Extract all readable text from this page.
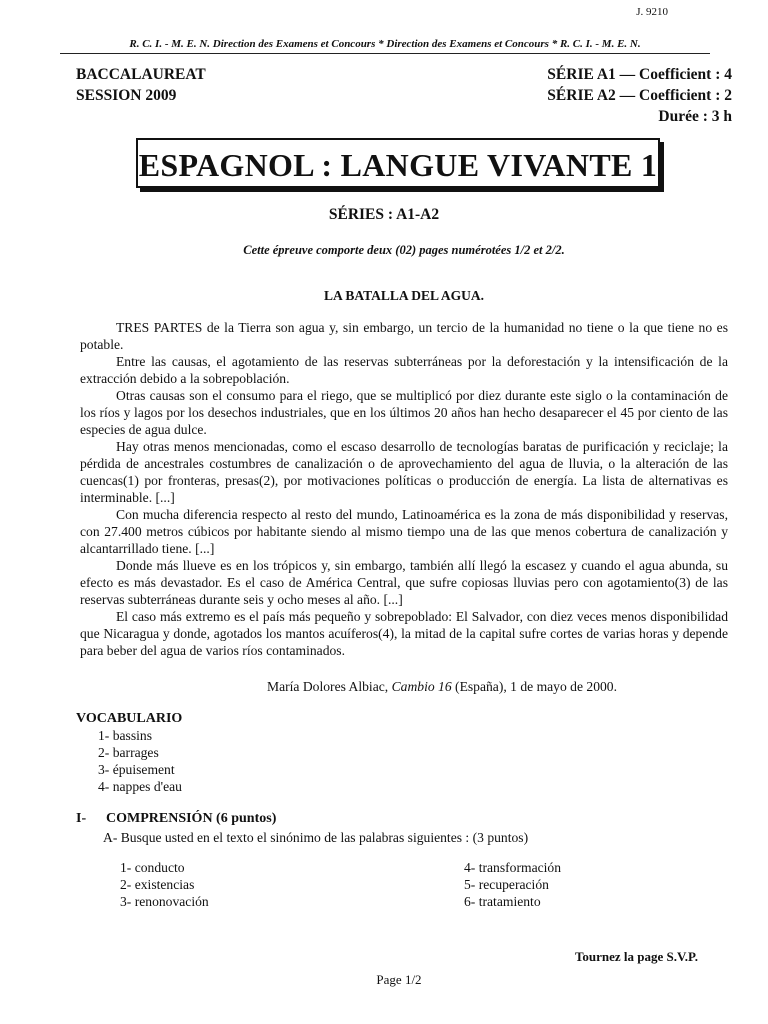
J. 9210
R. C. I. - M. E. N. Direction des Examens et Concours * Direction des Examens et Concours * R. C. I. - M. E. N.
BACCALAUREAT
SESSION 2009
SÉRIE A1 — Coefficient : 4
SÉRIE A2 — Coefficient : 2
Durée : 3 h
ESPAGNOL : LANGUE VIVANTE 1
SÉRIES : A1-A2
Cette épreuve comporte deux (02) pages numérotées 1/2 et 2/2.
LA BATALLA DEL AGUA.

TRES PARTES de la Tierra son agua y, sin embargo, un tercio de la humanidad no tiene o la que tiene no es potable.

Entre las causas, el agotamiento de las reservas subterráneas por la deforestación y la intensificación de la extracción debido a la sobrepoblación.

Otras causas son el consumo para el riego, que se multiplicó por diez durante este siglo o la contaminación de los ríos y lagos por los desechos industriales, que en los últimos 20 años han hecho desaparecer el 45 por ciento de las especies de agua dulce.

Hay otras menos mencionadas, como el escaso desarrollo de tecnologías baratas de purificación y reciclaje; la pérdida de ancestrales costumbres de canalización o de aprovechamiento del agua de lluvia, o la alteración de las cuencas(1) por fronteras, presas(2), por motivaciones políticas o producción de energía. La lista de alternativas es interminable. [...]

Con mucha diferencia respecto al resto del mundo, Latinoamérica es la zona de más disponibilidad y reservas, con 27.400 metros cúbicos por habitante siendo al mismo tiempo una de las que menos cobertura de canalización y alcantarrillado tiene. [...]

Donde más llueve es en los trópicos y, sin embargo, también allí llegó la escasez y cuando el agua abunda, su efecto es más devastador. Es el caso de América Central, que sufre copiosas lluvias pero con agotamiento(3) de las reservas subterráneas durante seis y ocho meses al año. [...]

El caso más extremo es el país más pequeño y sobrepoblado: El Salvador, con diez veces menos disponibilidad que Nicaragua y donde, agotados los mantos acuíferos(4), la mitad de la capital sufre cortes de varias horas y depende para beber del agua de varios ríos contaminados.

María Dolores Albiac, Cambio 16 (España), 1 de mayo de 2000.
VOCABULARIO
1- bassins
2- barrages
3- épuisement
4- nappes d'eau
I- COMPRENSIÓN (6 puntos)
A- Busque usted en el texto el sinónimo de las palabras siguientes : (3 puntos)
1- conducto
2- existencias
3- renonovación
4- transformación
5- recuperación
6- tratamiento
Tournez la page S.V.P.
Page 1/2
